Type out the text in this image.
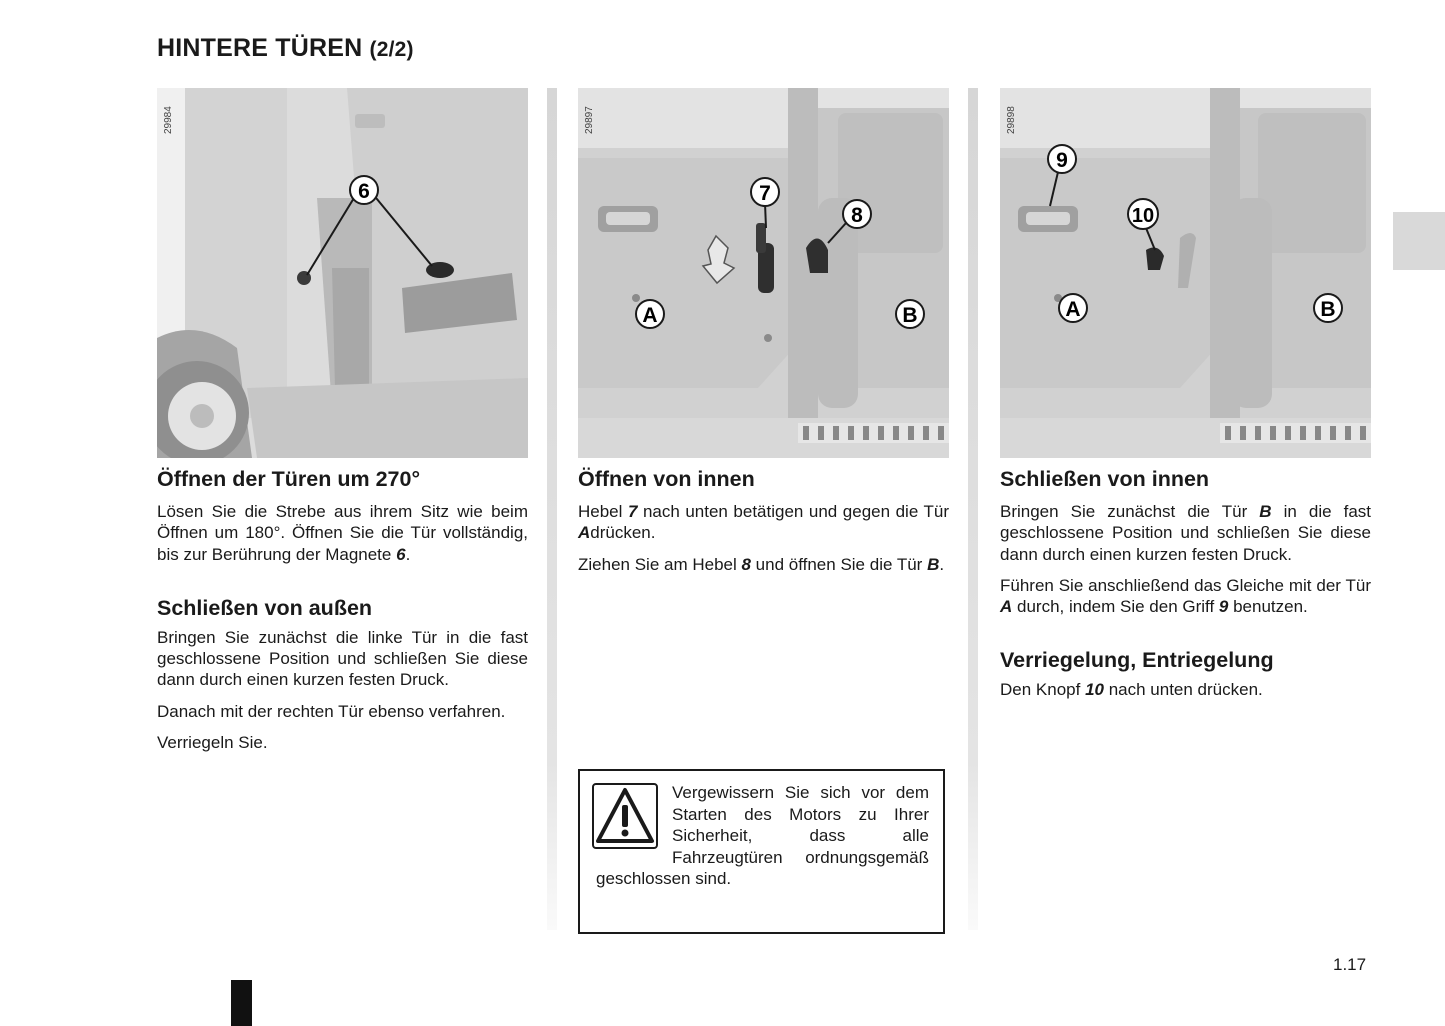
HINTERE TÜREN (2/2)
6
29984
7
8
A	B
29897
9
10
A	B
29898
Öffnen der Türen um 270°

Lösen Sie die Strebe aus ihrem Sitz wie beim Öffnen um 180°. Öffnen Sie die Tür vollständig, bis zur Berührung der Magnete 6.

Schließen von außen

Bringen Sie zunächst die linke Tür in die fast geschlossene Position und schließen Sie diese dann durch einen kurzen festen Druck.

Danach mit der rechten Tür ebenso verfahren.

Verriegeln Sie.

Öffnen von innen

Hebel 7 nach unten betätigen und gegen die Tür Adrücken.

Ziehen Sie am Hebel 8 und öffnen Sie die Tür B.

Vergewissern Sie sich vor dem Starten des Motors zu Ihrer Sicherheit, dass alle Fahrzeugtüren ordnungsgemäß geschlossen sind.
Schließen von innen

Bringen Sie zunächst die Tür B in die fast geschlossene Position und schließen Sie diese dann durch einen kurzen festen Druck.

Führen Sie anschließend das Gleiche mit der Tür A durch, indem Sie den Griff 9 benutzen.

Verriegelung, Entriegelung

Den Knopf 10 nach unten drücken.

1.17
